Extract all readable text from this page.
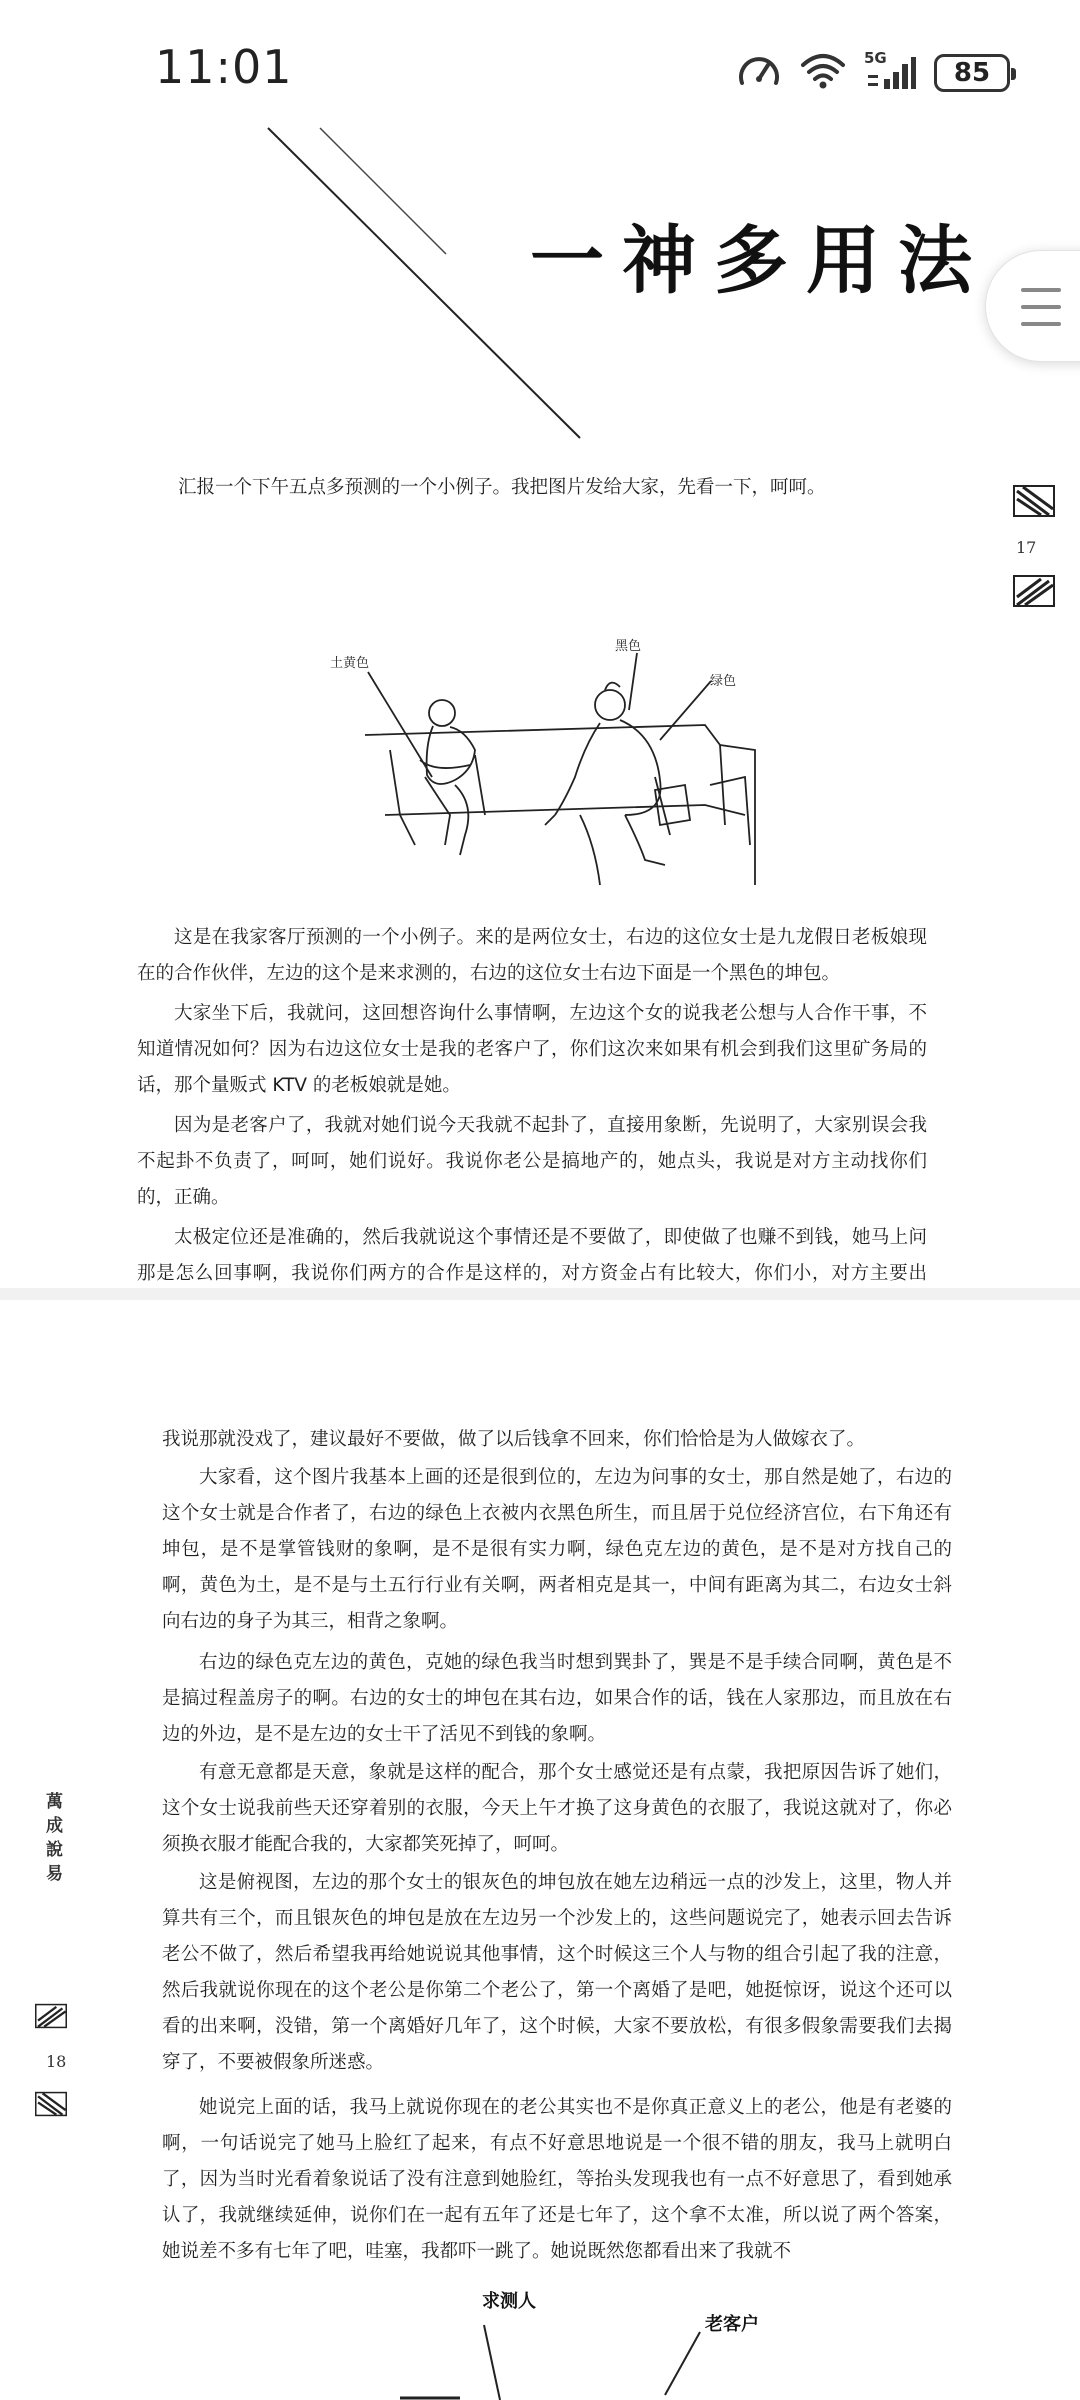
11:01	5G	85
一神多用法

汇报一个下午五点多预测的一个小例子。我把图片发给大家，先看一下，呵呵。

土黄色
黑色
绿色

这是在我家客厅预测的一个小例子。来的是两位女士，右边的这位女士是九龙假日老板娘现在的合作伙伴，左边的这个是来求测的，右边的这位女士右边下面是一个黑色的坤包。

大家坐下后，我就问，这回想咨询什么事情啊，左边这个女的说我老公想与人合作干事，不知道情况如何？因为右边这位女士是我的老客户了，你们这次来如果有机会到我们这里矿务局的话，那个量贩式 KTV 的老板娘就是她。

因为是老客户了，我就对她们说今天我就不起卦了，直接用象断，先说明了，大家别误会我不起卦不负责了，呵呵，她们说好。我说你老公是搞地产的，她点头，我说是对方主动找你们的，正确。

太极定位还是准确的，然后我就说这个事情还是不要做了，即使做了也赚不到钱，她马上问那是怎么回事啊，我说你们两方的合作是这样的，对方资金占有比较大，你们小，对方主要出

17

我说那就没戏了，建议最好不要做，做了以后钱拿不回来，你们恰恰是为人做嫁衣了。

大家看，这个图片我基本上画的还是很到位的，左边为问事的女士，那自然是她了，右边的这个女士就是合作者了，右边的绿色上衣被内衣黑色所生，而且居于兑位经济宫位，右下角还有坤包，是不是掌管钱财的象啊，是不是很有实力啊，绿色克左边的黄色，是不是对方找自己的啊，黄色为土，是不是与土五行行业有关啊，两者相克是其一，中间有距离为其二，右边女士斜向右边的身子为其三，相背之象啊。

右边的绿色克左边的黄色，克她的绿色我当时想到巽卦了，巽是不是手续合同啊，黄色是不是搞过程盖房子的啊。右边的女士的坤包在其右边，如果合作的话，钱在人家那边，而且放在右边的外边，是不是左边的女士干了活见不到钱的象啊。

有意无意都是天意，象就是这样的配合，那个女士感觉还是有点蒙，我把原因告诉了她们，这个女士说我前些天还穿着别的衣服，今天上午才换了这身黄色的衣服了，我说这就对了，你必须换衣服才能配合我的，大家都笑死掉了，呵呵。

这是俯视图，左边的那个女士的银灰色的坤包放在她左边稍远一点的沙发上，这里，物人并算共有三个，而且银灰色的坤包是放在左边另一个沙发上的，这些问题说完了，她表示回去告诉老公不做了，然后希望我再给她说说其他事情，这个时候这三个人与物的组合引起了我的注意，然后我就说你现在的这个老公是你第二个老公了，第一个离婚了是吧，她挺惊讶，说这个还可以看的出来啊，没错，第一个离婚好几年了，这个时候，大家不要放松，有很多假象需要我们去揭穿了，不要被假象所迷惑。

她说完上面的话，我马上就说你现在的老公其实也不是你真正意义上的老公，他是有老婆的啊，一句话说完了她马上脸红了起来，有点不好意思地说是一个很不错的朋友，我马上就明白了，因为当时光看着象说话了没有注意到她脸红，等抬头发现我也有一点不好意思了，看到她承认了，我就继续延伸，说你们在一起有五年了还是七年了，这个拿不太准，所以说了两个答案，她说差不多有七年了吧，哇塞，我都吓一跳了。她说既然您都看出来了我就不

求测人
老客户
萬成說易
18
